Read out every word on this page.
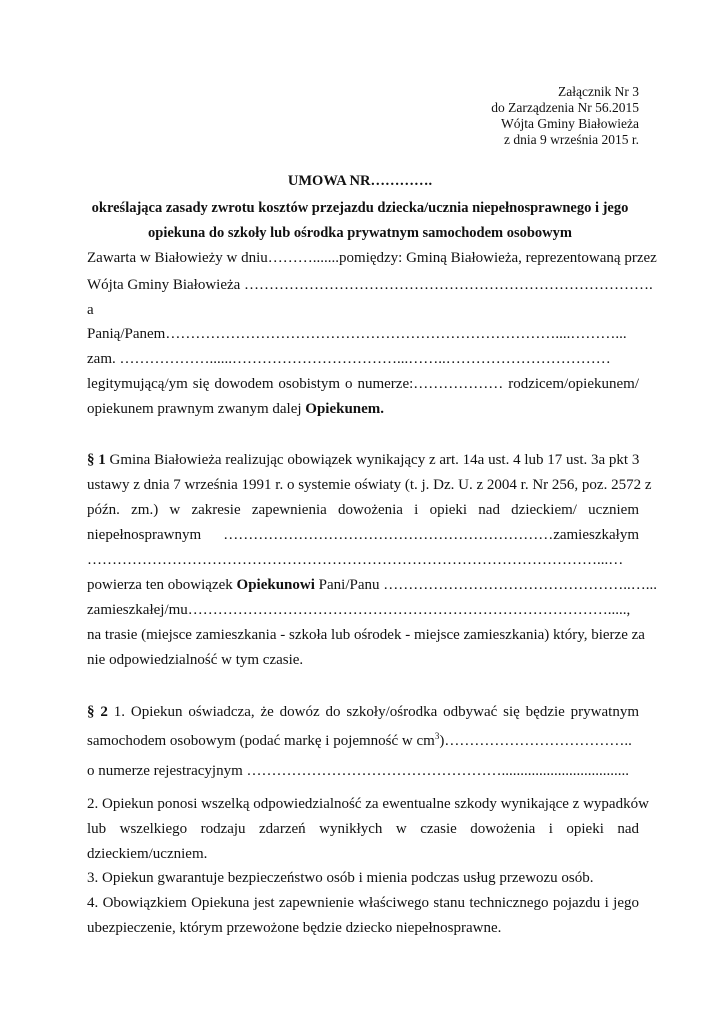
Załącznik Nr 3
do Zarządzenia Nr 56.2015
Wójta Gminy Białowieża
z dnia 9 września 2015 r.
UMOWA NR………….
określająca zasady zwrotu kosztów przejazdu dziecka/ucznia niepełnosprawnego i jego
opiekuna do szkoły lub ośrodka prywatnym samochodem osobowym
Zawarta w Białowieży w dniu……….......pomiędzy: Gminą Białowieża, reprezentowaną przez
Wójta Gminy Białowieża ……………………………………………………………………….
a
Panią/Panem……………………………………………………………………....………...
zam. ………………......……………………………...……..……………………………
legitymującą/ym się dowodem osobistym o numerze:……………… rodzicem/opiekunem/
opiekunem prawnym zwanym dalej Opiekunem.
§ 1 Gmina Białowieża realizując obowiązek wynikający z art. 14a ust. 4 lub 17 ust. 3a pkt 3
ustawy z dnia 7 września 1991 r. o systemie oświaty (t. j. Dz. U. z 2004 r. Nr 256, poz. 2572 z
późn. zm.) w zakresie zapewnienia dowożenia i opieki nad dzieckiem/ uczniem
niepełnosprawnym …………………………………………………………zamieszkałym
…………………………………………………………………………………………...…
powierza ten obowiązek Opiekunowi Pani/Panu …………………………………………..…...
zamieszkałej/mu………………………………………………………………………….....,
na trasie (miejsce zamieszkania - szkoła lub ośrodek - miejsce zamieszkania) który, bierze za
nie odpowiedzialność w tym czasie.
§ 2 1. Opiekun oświadcza, że dowóz do szkoły/ośrodka odbywać się będzie prywatnym
samochodem osobowym (podać markę i pojemność w $cm^3)\dots\dots\dots\dots\dots\dots\dots\dots\dots\dots\dots\dots$..
o numerze rejestracyjnym ……………………………………………..................................
2. Opiekun ponosi wszelką odpowiedzialność za ewentualne szkody wynikające z wypadków
lub wszelkiego rodzaju zdarzeń wynikłych w czasie dowożenia i opieki nad
dzieckiem/uczniem.
3. Opiekun gwarantuje bezpieczeństwo osób i mienia podczas usług przewozu osób.
4. Obowiązkiem Opiekuna jest zapewnienie właściwego stanu technicznego pojazdu i jego
ubezpieczenie, którym przewożone będzie dziecko niepełnosprawne.
